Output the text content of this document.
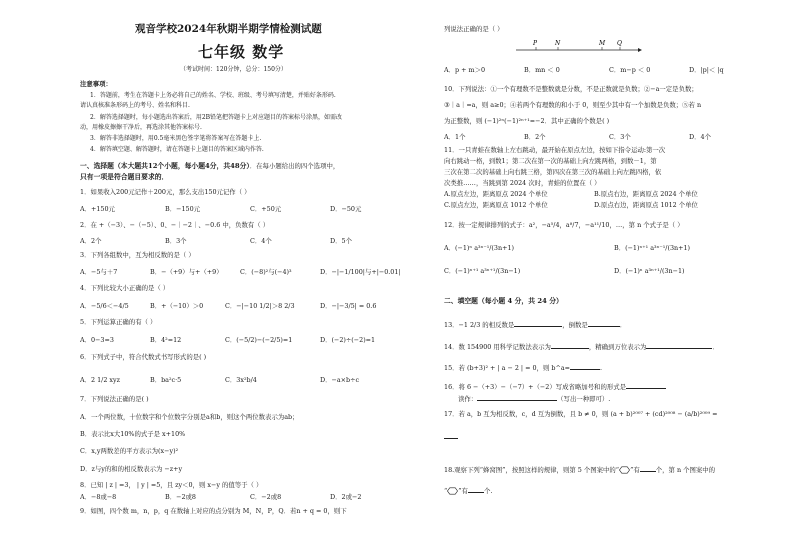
观音学校2024年秋期半期学情检测试题
七年级 数学
（考试时间：120分钟，总分：150分）
注意事项：
1．答题前，考生在答题卡上务必将自己的姓名、学校、班级、考号填写清楚，并贴好条形码.
请认真核准条形码上的考号、姓名和科目.
2．解答选择题时，每小题选出答案后，用2B铅笔把答题卡上对应题目的答案标号涂黑，如需改
动，用橡皮擦擦干净后，再选涂其他答案标号.
3．解答非选择题时，用0.5毫米黑色签字笔将答案写在答题卡上.
4．解答填空题、解答题时，请在答题卡上题目的答案区域内作答.
一、选择题（本大题共12个小题，每小题4分，共48分）．在每小题给出的四个选项中，
只有一项是符合题目要求的．
1．如果收入200元记作＋200元，那么支出150元记作（ ）
A．+150元	B．−150元	C．+50元	D．−50元
2．在 +（−3）、−（−5）、0、−｜−2｜、−0.6 中，负数有（ ）
A．2个	B．3个	C．4个	D．5个
3．下列各组数中，互为相反数的是（ ）
A．−5与＋7	B．−（+9）与+（+9）	C．(−8)²与(−4)³	D．−|−1/100|与+|−0.01|
4．下列比较大小正确的是（ ）
A．−5/6＜−4/5	B．+（−10）＞0	C．−|−10 1/2|＞8 2/3	D．−|−3/5| = 0.6
5．下列运算正确的有（ ）
A．0−3=3	B．4²=12	C．(−5/2)−(−2/5)=1	D．(−2)÷(−2)=1
6．下列式子中，符合代数式书写形式的是( )
A．2 1/2 xyz	B．ba²c·5	C．3x²b/4	D．−a×b÷c
7．下列说法正确的是( )
A．一个两位数，十位数字和个位数字分别是a和b，则这个两位数表示为ab；
B．表示比x大10%的式子是 x+10%
C．x,y两数差的平方表示为(x−y)²
D．z与y的和的相反数表示为 −z+y
8．已知 | z | =3， | y | =5，且 zy＜0，则 x−y 的值等于（ ）
A．−8或−8	B．−2或8	C．−2或8	D．2或−2
9．如图，四个数 m，n，p，q 在数轴上对应的点分别为 M，N，P，Q．若n + q = 0，则下
列说法正确的是（ ）
P	N	M Q
A．p + m＞0	B．mn ＜ 0	C．m−p ＜ 0	D．|p|＜ |q
10．下列说法：①一个有理数不是整数就是分数，不是正数就是负数；②−a一定是负数；
③｜a｜=a，则 a≥0；④若两个有理数的和小于 0，则至少其中有一个加数是负数；⑤若 n
为正整数，则 (−1)²ⁿ(−1)²ⁿ⁺¹=−2．其中正确的个数是( )
A．1个	B．2个	C．3个	D．4个
11．一只青蛙在数轴上左右跳动，最开始在原点左边，按如下指令运动:第一次
向右跳动一格，到数1；第二次在第一次的基础上向左跳两格，到数－1，第
三次在第二次的基础上向右跳三格，第四次在第三次的基础上向左跳四格，依
次类推……，当跳到第 2024 次时，青蛙的位置在（ ）
A.原点左边，距离原点 2024 个单位	B.原点右边，距离原点 2024 个单位
C.原点左边，距离原点 1012 个单位	D.原点右边，距离原点 1012 个单位
12．按一定规律排列的式子：a²，−a⁵/4，a⁸/7，−a¹¹/10，…，第 n 个式子是（ ）
A．(−1)ⁿ a³ⁿ⁻¹/(3n+1)	B．(−1)ⁿ⁺¹ a³ⁿ⁻¹/(3n+1)
C．(−1)ⁿ⁺¹ a³ⁿ⁺¹/(3n−1)	D．(−1)ⁿ a³ⁿ⁺¹/(3n−1)
二、填空题（每小题 4 分，共 24 分）
13．−1 2/3 的相反数是	，倒数是	．
14．数 154900 用科学记数法表示为	，精确到万位表示为	．
15．若 (b+3)² + | a − 2 | = 0，则 b^a=	.
16．将 6 −（+3）−（−7）+（−2）写成省略加号和的形式是
读作：	（写出一种即可）.
17．若 a，b 互为相反数，c，d 互为倒数，且 b ≠ 0，则 (a + b)²⁰⁰⁷ + (cd)²⁰⁰⁸ − (a/b)²⁰⁰⁹ =
18.观察下列“蜂窝图”，按照这样的规律，则第 5 个图案中的“ ”有	个，第 n 个图案中的
“ ”有	个.
